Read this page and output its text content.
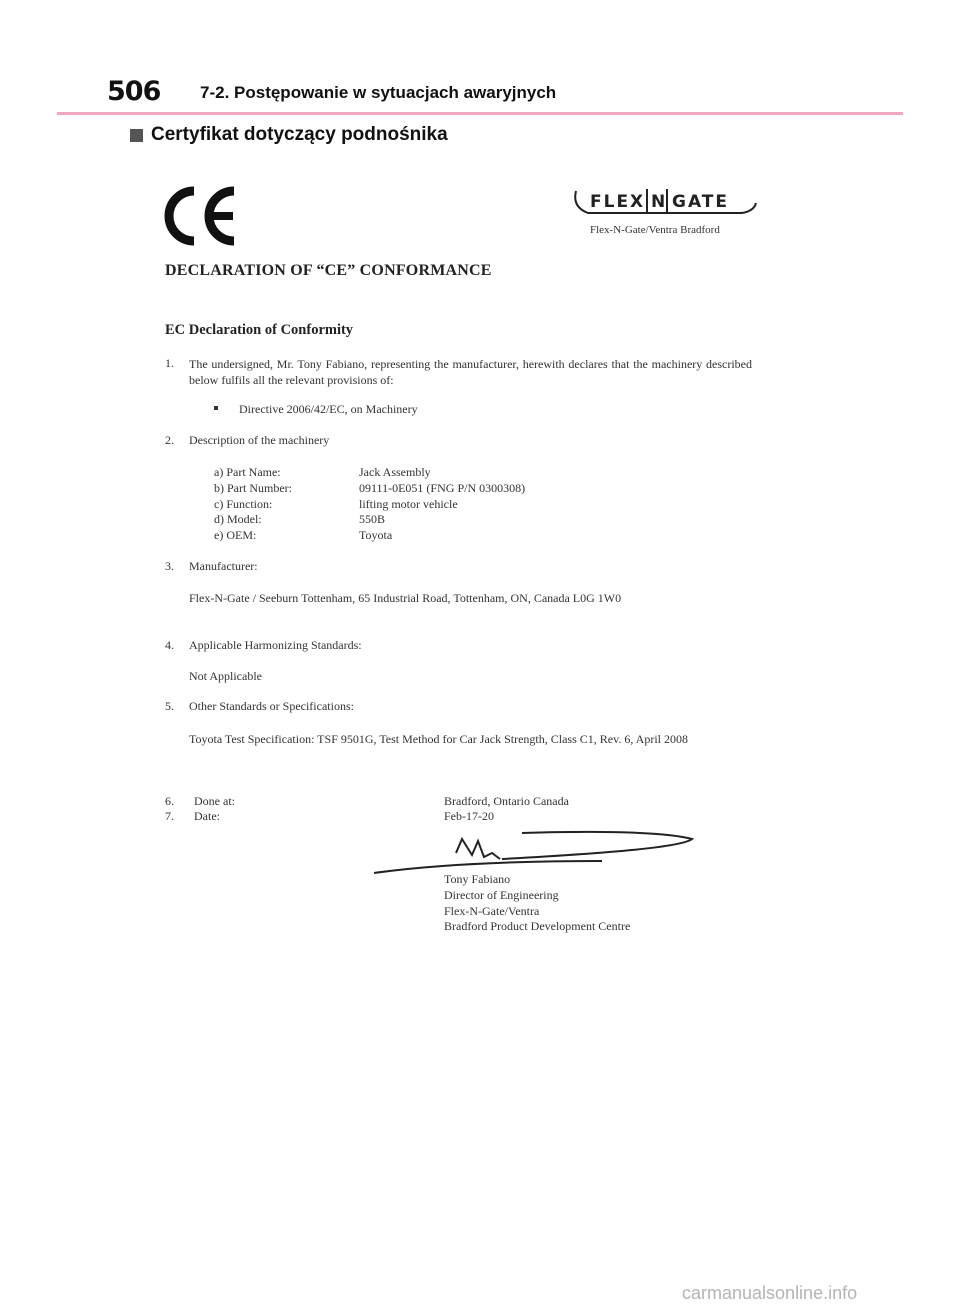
506 7-2. Postępowanie w sytuacjach awaryjnych
Certyfikat dotyczący podnośnika
FLEX N GATE
Flex-N-Gate/Ventra Bradford
DECLARATION OF “CE” CONFORMANCE
EC Declaration of Conformity
1. The undersigned, Mr. Tony Fabiano, representing the manufacturer, herewith declares that the machinery described below fulfils all the relevant provisions of:
Directive 2006/42/EC, on Machinery
2. Description of the machinery
a) Part Name:	Jack Assembly
b) Part Number:	09111-0E051 (FNG P/N 0300308)
c) Function:	lifting motor vehicle
d) Model:	550B
e) OEM:	Toyota
3. Manufacturer:
Flex-N-Gate / Seeburn Tottenham, 65 Industrial Road, Tottenham, ON, Canada L0G 1W0
4. Applicable Harmonizing Standards:
Not Applicable
5. Other Standards or Specifications:
Toyota Test Specification: TSF 9501G, Test Method for Car Jack Strength, Class C1, Rev. 6, April 2008
6. Done at:	Bradford, Ontario Canada
7. Date:	Feb-17-20
Tony Fabiano
Director of Engineering
Flex-N-Gate/Ventra
Bradford Product Development Centre
carmanualsonline.info
